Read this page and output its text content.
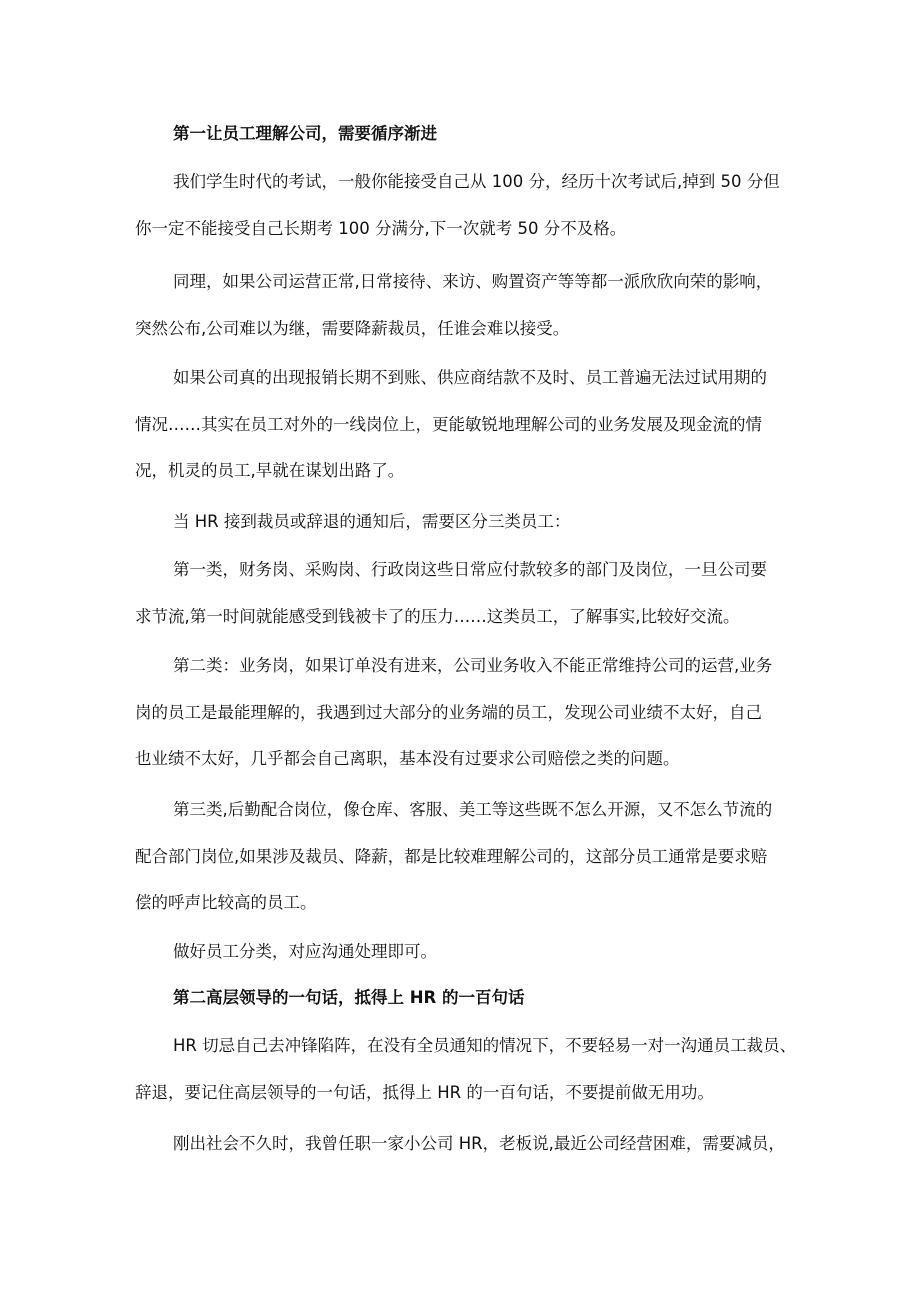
第一让员工理解公司，需要循序渐进

我们学生时代的考试，一般你能接受自己从 100 分，经历十次考试后,掉到 50 分但
你一定不能接受自己长期考 100 分满分,下一次就考 50 分不及格。

同理，如果公司运营正常,日常接待、来访、购置资产等等都一派欣欣向荣的影响，
突然公布,公司难以为继，需要降薪裁员，任谁会难以接受。

如果公司真的出现报销长期不到账、供应商结款不及时、员工普遍无法过试用期的
情况……其实在员工对外的一线岗位上，更能敏锐地理解公司的业务发展及现金流的情
况，机灵的员工,早就在谋划出路了。

当 HR 接到裁员或辞退的通知后，需要区分三类员工：

第一类，财务岗、采购岗、行政岗这些日常应付款较多的部门及岗位，一旦公司要
求节流,第一时间就能感受到钱被卡了的压力……这类员工，了解事实,比较好交流。

第二类：业务岗，如果订单没有进来，公司业务收入不能正常维持公司的运营,业务
岗的员工是最能理解的，我遇到过大部分的业务端的员工，发现公司业绩不太好，自己
也业绩不太好，几乎都会自己离职，基本没有过要求公司赔偿之类的问题。

第三类,后勤配合岗位，像仓库、客服、美工等这些既不怎么开源，又不怎么节流的
配合部门岗位,如果涉及裁员、降薪，都是比较难理解公司的，这部分员工通常是要求赔
偿的呼声比较高的员工。

做好员工分类，对应沟通处理即可。

第二高层领导的一句话，抵得上 HR 的一百句话

HR 切忌自己去冲锋陷阵，在没有全员通知的情况下，不要轻易一对一沟通员工裁员、
辞退，要记住高层领导的一句话，抵得上 HR 的一百句话，不要提前做无用功。

刚出社会不久时，我曾任职一家小公司 HR，老板说,最近公司经营困难，需要减员，
